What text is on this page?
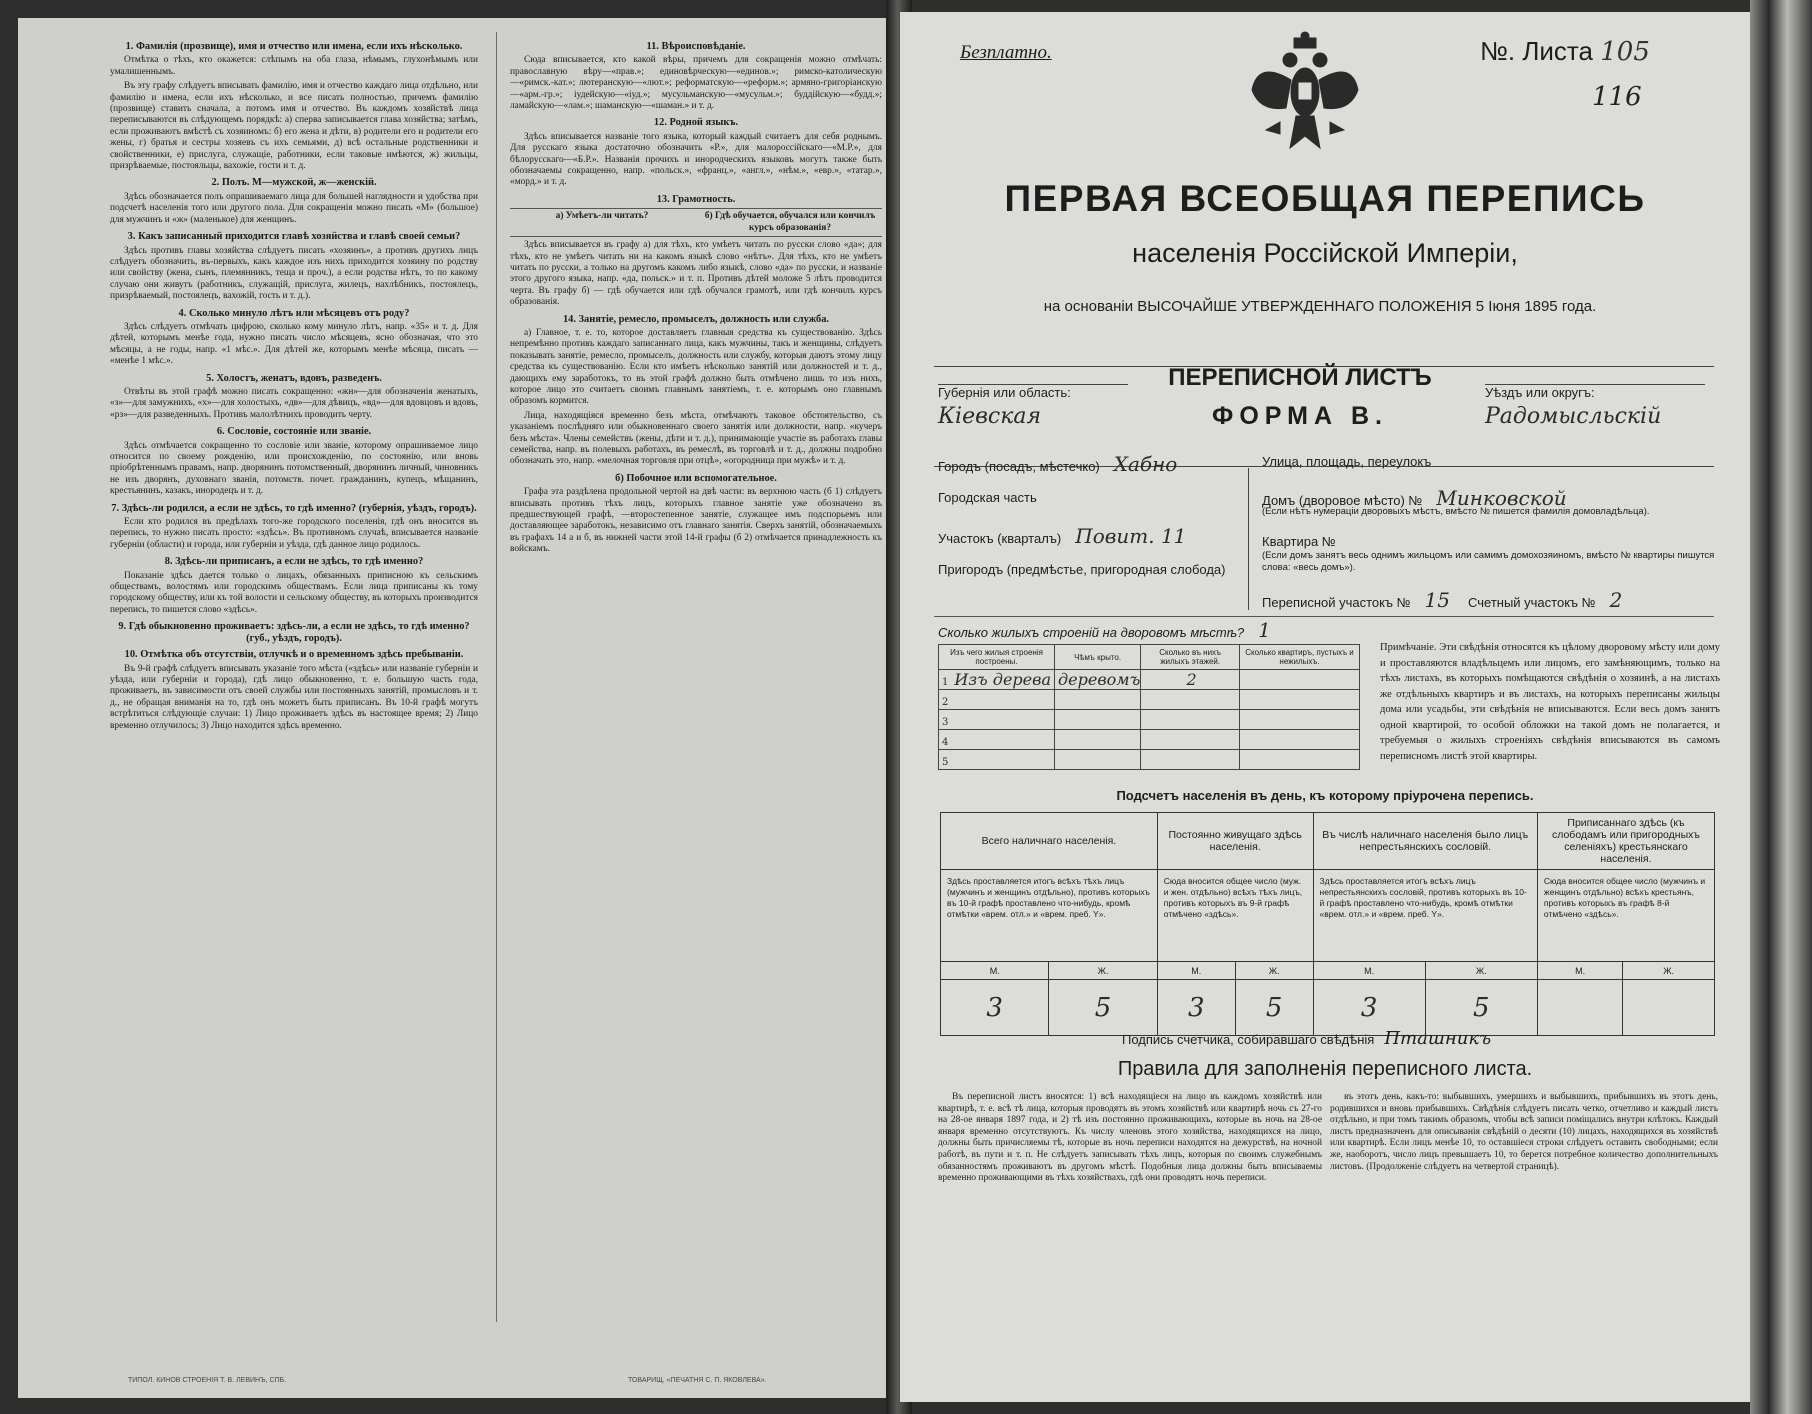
1. Фамилія (прозвище), имя и отчество или имена, если ихъ нѣсколько.

Отмѣтка о тѣхъ, кто окажется: слѣпымъ на оба глаза, нѣмымъ, глухонѣмымъ или умалишеннымъ.

Въ эту графу слѣдуетъ вписывать фамилію, имя и отчество каждаго лица отдѣльно, или фамилію и имена, если ихъ нѣсколько, и все писать полностью, причемъ фамилію (прозвище) ставить сначала, а потомъ имя и отчество. Въ каждомъ хозяйствѣ лица переписываются въ слѣдующемъ порядкѣ: а) сперва записывается глава хозяйства; затѣмъ, если проживаютъ вмѣстѣ съ хозяиномъ: б) его жена и дѣти, в) родители его и родители его жены, г) братья и сестры хозяевъ съ ихъ семьями, д) всѣ остальные родственники и свойственники, е) прислуга, служащіе, работники, если таковые имѣются, ж) жильцы, призрѣваемые, постояльцы, вахожіе, гости и т. д.

2. Полъ. М—мужской, ж—женскій.

Здѣсь обозначается полъ опрашиваемаго лица для большей наглядности и удобства при подсчетѣ населенія того или другого пола. Для сокращенія можно писать «М» (большое) для мужчинъ и «ж» (маленькое) для женщинъ.

3. Какъ записанный приходится главѣ хозяйства и главѣ своей семьи?

Здѣсь противъ главы хозяйства слѣдуетъ писать «хозяинъ», а противъ другихъ лицъ слѣдуетъ обозначить, въ-первыхъ, какъ каждое изъ нихъ приходится хозяину по родству или свойству (жена, сынъ, племянникъ, теща и проч.), а если родства нѣтъ, то по какому случаю они живутъ (работникъ, служащій, прислуга, жилецъ, нахлѣбникъ, постоялецъ, призрѣваемый, постоялецъ, вахожій, гость и т. д.).

4. Сколько минуло лѣтъ или мѣсяцевъ отъ роду?

Здѣсь слѣдуетъ отмѣчать цифрою, сколько кому минуло лѣтъ, напр. «35» и т. д. Для дѣтей, которымъ менѣе года, нужно писать число мѣсяцевъ, ясно обозначая, что это мѣсяцы, а не годы, напр. «1 мѣс.». Для дѣтей же, которымъ менѣе мѣсяца, писать — «менѣе 1 мѣс.».

5. Холостъ, женатъ, вдовъ, разведенъ.

Отвѣты въ этой графѣ можно писать сокращенно: «жн»—для обозначенія женатыхъ, «з»—для замужнихъ, «х»—для холостыхъ, «дв»—для дѣвицъ, «вд»—для вдовцовъ и вдовъ, «рз»—для разведенныхъ. Противъ малолѣтнихъ проводить черту.

6. Сословіе, состояніе или званіе.

Здѣсь отмѣчается сокращенно то сословіе или званіе, которому опрашиваемое лицо относится по своему рожденію, или происхожденію, по состоянію, или вновь пріобрѣтеннымъ правамъ, напр. дворянинъ потомственный, дворянинъ личный, чиновникъ не изъ дворянъ, духовнаго званія, потомств. почет. гражданинъ, купецъ, мѣщанинъ, крестьянинъ, казакъ, инородецъ и т. д.

7. Здѣсь-ли родился, а если не здѣсь, то гдѣ именно? (губернія, уѣздъ, городъ).

Если кто родился въ предѣлахъ того-же городского поселенія, гдѣ онъ вносится въ перепись, то нужно писать просто: «здѣсь». Въ противномъ случаѣ, вписывается названіе губерніи (области) и города, или губерніи и уѣзда, гдѣ данное лицо родилось.

8. Здѣсь-ли приписанъ, а если не здѣсь, то гдѣ именно?

Показаніе здѣсь дается только о лицахъ, обязанныхъ приписною къ сельскимъ обществамъ, волостямъ или городскимъ обществамъ. Если лица приписаны къ тому городскому обществу, или къ той волости и сельскому обществу, въ которыхъ производится перепись, то пишется слово «здѣсь».

9. Гдѣ обыкновенно проживаетъ: здѣсь-ли, а если не здѣсь, то гдѣ именно? (губ., уѣздъ, городъ).
10. Отмѣтка объ отсутствіи, отлучкѣ и о временномъ здѣсь пребываніи.

Въ 9-й графѣ слѣдуетъ вписывать указаніе того мѣста («здѣсь» или названіе губерніи и уѣзда, или губерніи и города), гдѣ лицо обыкновенно, т. е. большую часть года, проживаетъ, въ зависимости отъ своей службы или постоянныхъ занятій, промысловъ и т. д., не обращая вниманія на то, гдѣ онъ можетъ быть приписанъ. Въ 10-й графѣ могутъ встрѣтиться слѣдующіе случаи: 1) Лицо проживаетъ здѣсь въ настоящее время; 2) Лицо временно отлучилось; 3) Лицо находится здѣсь временно.

11. Вѣроисповѣданіе.

Сюда вписывается, кто какой вѣры, причемъ для сокращенія можно отмѣчать: православную вѣру—«прав.»; единовѣрческую—«единов.»; римско-католическую—«римск.-кат.»; лютеранскую—«лют.»; реформатскую—«реформ.»; армяно-григоріанскую—«арм.-гр.»; іудейскую—«іуд.»; мусульманскую—«мусульм.»; буддійскую—«будд.»; ламайскую—«лам.»; шаманскую—«шаман.» и т. д.

12. Родной языкъ.

Здѣсь вписывается названіе того языка, который каждый считаетъ для себя роднымъ. Для русскаго языка достаточно обозначить «Р.», для малороссійскаго—«М.Р.», для бѣлорусскаго—«Б.Р.». Названія прочихъ и инородческихъ языковъ могутъ также быть обозначаемы сокращенно, напр. «польск.», «франц.», «англ.», «нѣм.», «евр.», «татар.», «морд.» и т. д.

13. Грамотность.
а) Умѣетъ-ли читать?	б) Гдѣ обучается, обучался или кончилъ курсъ образованія?

Здѣсь вписывается въ графу а) для тѣхъ, кто умѣетъ читать по русски слово «да»; для тѣхъ, кто не умѣетъ читать ни на какомъ языкѣ слово «нѣтъ». Для тѣхъ, кто не умѣетъ читать по русски, а только на другомъ какомъ либо языкѣ, слово «да» по русски, и названіе этого другого языка, напр. «да, польск.» и т. п. Противъ дѣтей моложе 5 лѣтъ проводится черта. Въ графу б) — гдѣ обучается или гдѣ обучался грамотѣ, или гдѣ кончилъ курсъ образованія.

14. Занятіе, ремесло, промыселъ, должность или служба.

а) Главное, т. е. то, которое доставляетъ главныя средства къ существованію. Здѣсь непремѣнно противъ каждаго записаннаго лица, какъ мужчины, такъ и женщины, слѣдуетъ показывать занятіе, ремесло, промыселъ, должность или службу, которыя даютъ этому лицу средства къ существованію. Если кто имѣетъ нѣсколько занятій или должностей и т. д., дающихъ ему заработокъ, то въ этой графѣ должно быть отмѣчено лишь то изъ нихъ, которое лицо это считаетъ своимъ главнымъ занятіемъ, т. е. которымъ оно главнымъ образомъ кормится.

Лица, находящіяся временно безъ мѣста, отмѣчаютъ таковое обстоятельство, съ указаніемъ послѣдняго или обыкновеннаго своего занятія или должности, напр. «кучеръ безъ мѣста». Члены семействъ (жены, дѣти и т. д.), принимающіе участіе въ работахъ главы семейства, напр. въ полевыхъ работахъ, въ ремеслѣ, въ торговлѣ и т. д., должны подробно обозначать это, напр. «мелочная торговля при отцѣ», «огородница при мужѣ» и т. д.

б) Побочное или вспомогательное.

Графа эта раздѣлена продольной чертой на двѣ части: въ верхнюю часть (б 1) слѣдуетъ вписывать противъ тѣхъ лицъ, которыхъ главное занятіе уже обозначено въ предшествующей графѣ, —второстепенное занятіе, служащее имъ подспорьемъ или доставляющее заработокъ, независимо отъ главнаго занятія. Сверхъ занятій, обозначаемыхъ въ графахъ 14 а и б, въ нижней части этой 14-й графы (б 2) отмѣчается принадлежность къ войскамъ.

ТИПОЛ. КИНОВ СТРОЕНІЯ Т. В. ЛЕВИНЪ, СПБ.	ТОВАРИЩ. «ПЕЧАТНЯ С. П. ЯКОВЛЕВА».
Безплатно.	№. Листа 105
116
ПЕРВАЯ ВСЕОБЩАЯ ПЕРЕПИСЬ
населенія Россійской Имперіи,
на основаніи ВЫСОЧАЙШЕ УТВЕРЖДЕННАГО ПОЛОЖЕНІЯ 5 Іюня 1895 года.
Губернія или область:
Кіевская
ПЕРЕПИСНОЙ ЛИСТЪ
ФОРМА В.
Уѣздъ или округъ:
Радомысльскій
Городъ (посадъ, мѣстечко) Хабно
Городская часть
Участокъ (кварталъ) Повит. 11
Пригородъ (предмѣстье, пригородная слобода)
Улица, площадь, переулокъ
Домъ (дворовое мѣсто) № Минковской
(Если нѣтъ нумераціи дворовыхъ мѣстъ, вмѣсто № пишется фамилія домовладѣльца).
Квартира №
(Если домъ занятъ весь однимъ жильцомъ или самимъ домохозяиномъ, вмѣсто № квартиры пишутся слова: «весь домъ»).
Переписной участокъ № 15 Счетный участокъ № 2
Сколько жилыхъ строеній на дворовомъ мѣстѣ? 1
Изъ чего жилыя строенія построены.	Чѣмъ крыто.	Сколько въ нихъ жилыхъ этажей.	Сколько квартиръ, пустыхъ и нежилыхъ.
1 Изъ дерева	деревомъ	2	
2			
3			
4			
5			
Примѣчаніе. Эти свѣдѣнія относятся къ цѣлому дворовому мѣсту или дому и проставляются владѣльцемъ или лицомъ, его замѣняющимъ, только на тѣхъ листахъ, въ которыхъ помѣщаются свѣдѣнія о хозяинѣ, а на листахъ же отдѣльныхъ квартиръ и въ листахъ, на которыхъ переписаны жильцы дома или усадьбы, эти свѣдѣнія не вписываются. Если весь домъ занятъ одной квартирой, то особой обложки на такой домъ не полагается, и требуемыя о жилыхъ строеніяхъ свѣдѣнія вписываются въ самомъ переписномъ листѣ этой квартиры.
Подсчетъ населенія въ день, къ которому пріурочена перепись.
Всего наличнаго населенія.		Постоянно живущаго здѣсь населенія.		Въ числѣ наличнаго населенія было лицъ непрестьянскихъ сословій.		Приписаннаго здѣсь (къ слободамъ или пригородныхъ селеніяхъ) крестьянскаго населенія.	
Здѣсь проставляется итогъ всѣхъ тѣхъ лицъ (мужчинъ и женщинъ отдѣльно), противъ которыхъ въ 10-й графѣ проставлено что-нибудь, кромѣ отмѣтки «врем. отл.» и «врем. преб. Y».		Сюда вносится общее число (муж. и жен. отдѣльно) всѣхъ тѣхъ лицъ, противъ которыхъ въ 9-й графѣ отмѣчено «здѣсь».		Здѣсь проставляется итогъ всѣхъ лицъ непрестьянскихъ сословій, противъ которыхъ въ 10-й графѣ проставлено что-нибудь, кромѣ отмѣтки «врем. отл.» и «врем. преб. Y».		Сюда вносится общее число (мужчинъ и женщинъ отдѣльно) всѣхъ крестьянъ, противъ которыхъ въ графѣ 8-й отмѣчено «здѣсь».	
М.	Ж.	М.	Ж.	М.	Ж.	М.	Ж.
3	5	3	5	3	5		
Подпись счетчика, собиравшаго свѣдѣнія Пташникъ
Правила для заполненія переписного листа.

Въ переписной листъ вносятся: 1) всѣ находящіеся на лицо въ каждомъ хозяйствѣ или квартирѣ, т. е. всѣ тѣ лица, которыя проводятъ въ этомъ хозяйствѣ или квартирѣ ночь съ 27-го на 28-ое января 1897 года, и 2) тѣ изъ постоянно проживающихъ, которые въ ночь на 28-ое января временно отсутствуютъ. Къ числу членовъ этого хозяйства, находящихся на лицо, должны быть причисляемы тѣ, которые въ ночь переписи находятся на дежурствѣ, на ночной работѣ, въ пути и т. п. Не слѣдуетъ записывать тѣхъ лицъ, которыя по своимъ служебнымъ обязанностямъ проживаютъ въ другомъ мѣстѣ. Подобныя лица должны быть вписываемы временно проживающими въ тѣхъ хозяйствахъ, гдѣ они проводятъ ночь переписи.

въ этотъ день, какъ-то: выбывшихъ, умершихъ и выбывшихъ, прибывшихъ въ этотъ день, родившихся и вновь прибывшихъ. Свѣдѣнія слѣдуетъ писать четко, отчетливо и каждый листъ отдѣльно, и при томъ такимъ образомъ, чтобы всѣ записи поміщались внутри клѣтокъ. Каждый листъ предназначенъ для описыванія свѣдѣній о десяти (10) лицахъ, находящихся въ хозяйствѣ или квартирѣ. Если лицъ менѣе 10, то оставшіеся строки слѣдуетъ оставить свободными; если же, наоборотъ, число лицъ превышаетъ 10, то берется потребное количество дополнительныхъ листовъ. (Продолженіе слѣдуетъ на четвертой страницѣ).
